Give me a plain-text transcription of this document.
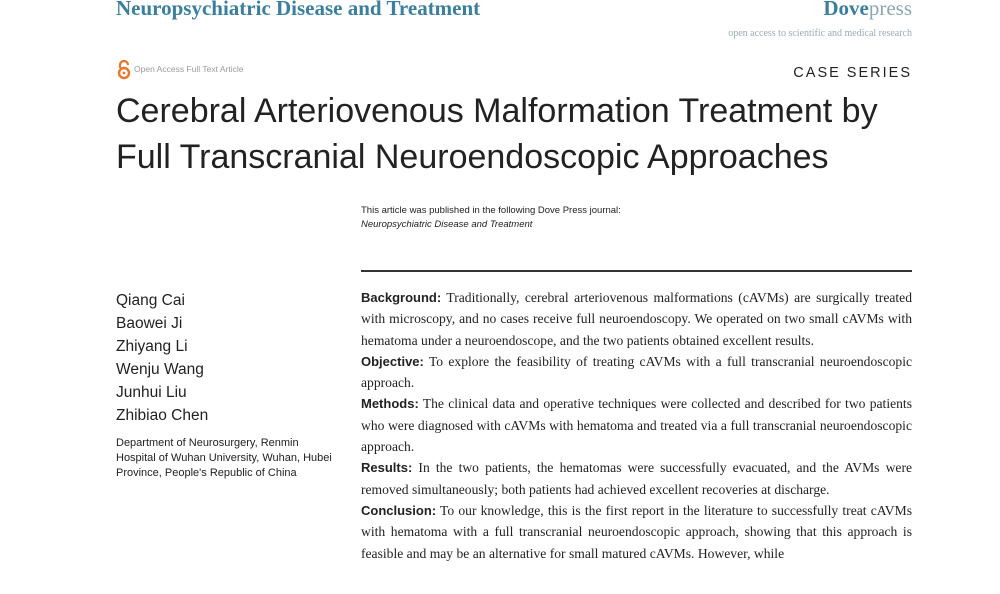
Neuropsychiatric Disease and Treatment	Dovepress
open access to scientific and medical research
Open Access Full Text Article	CASE SERIES
Cerebral Arteriovenous Malformation Treatment by Full Transcranial Neuroendoscopic Approaches
This article was published in the following Dove Press journal:
Neuropsychiatric Disease and Treatment
Qiang Cai
Baowei Ji
Zhiyang Li
Wenju Wang
Junhui Liu
Zhibiao Chen
Department of Neurosurgery, Renmin Hospital of Wuhan University, Wuhan, Hubei Province, People's Republic of China

Background: Traditionally, cerebral arteriovenous malformations (cAVMs) are surgically treated with microscopy, and no cases receive full neuroendoscopy. We operated on two small cAVMs with hematoma under a neuroendoscope, and the two patients obtained excellent results.

Objective: To explore the feasibility of treating cAVMs with a full transcranial neuroendoscopic approach.

Methods: The clinical data and operative techniques were collected and described for two patients who were diagnosed with cAVMs with hematoma and treated via a full transcranial neuroendoscopic approach.

Results: In the two patients, the hematomas were successfully evacuated, and the AVMs were removed simultaneously; both patients had achieved excellent recoveries at discharge.

Conclusion: To our knowledge, this is the first report in the literature to successfully treat cAVMs with hematoma with a full transcranial neuroendoscopic approach, showing that this approach is feasible and may be an alternative for small matured cAVMs. However, while
